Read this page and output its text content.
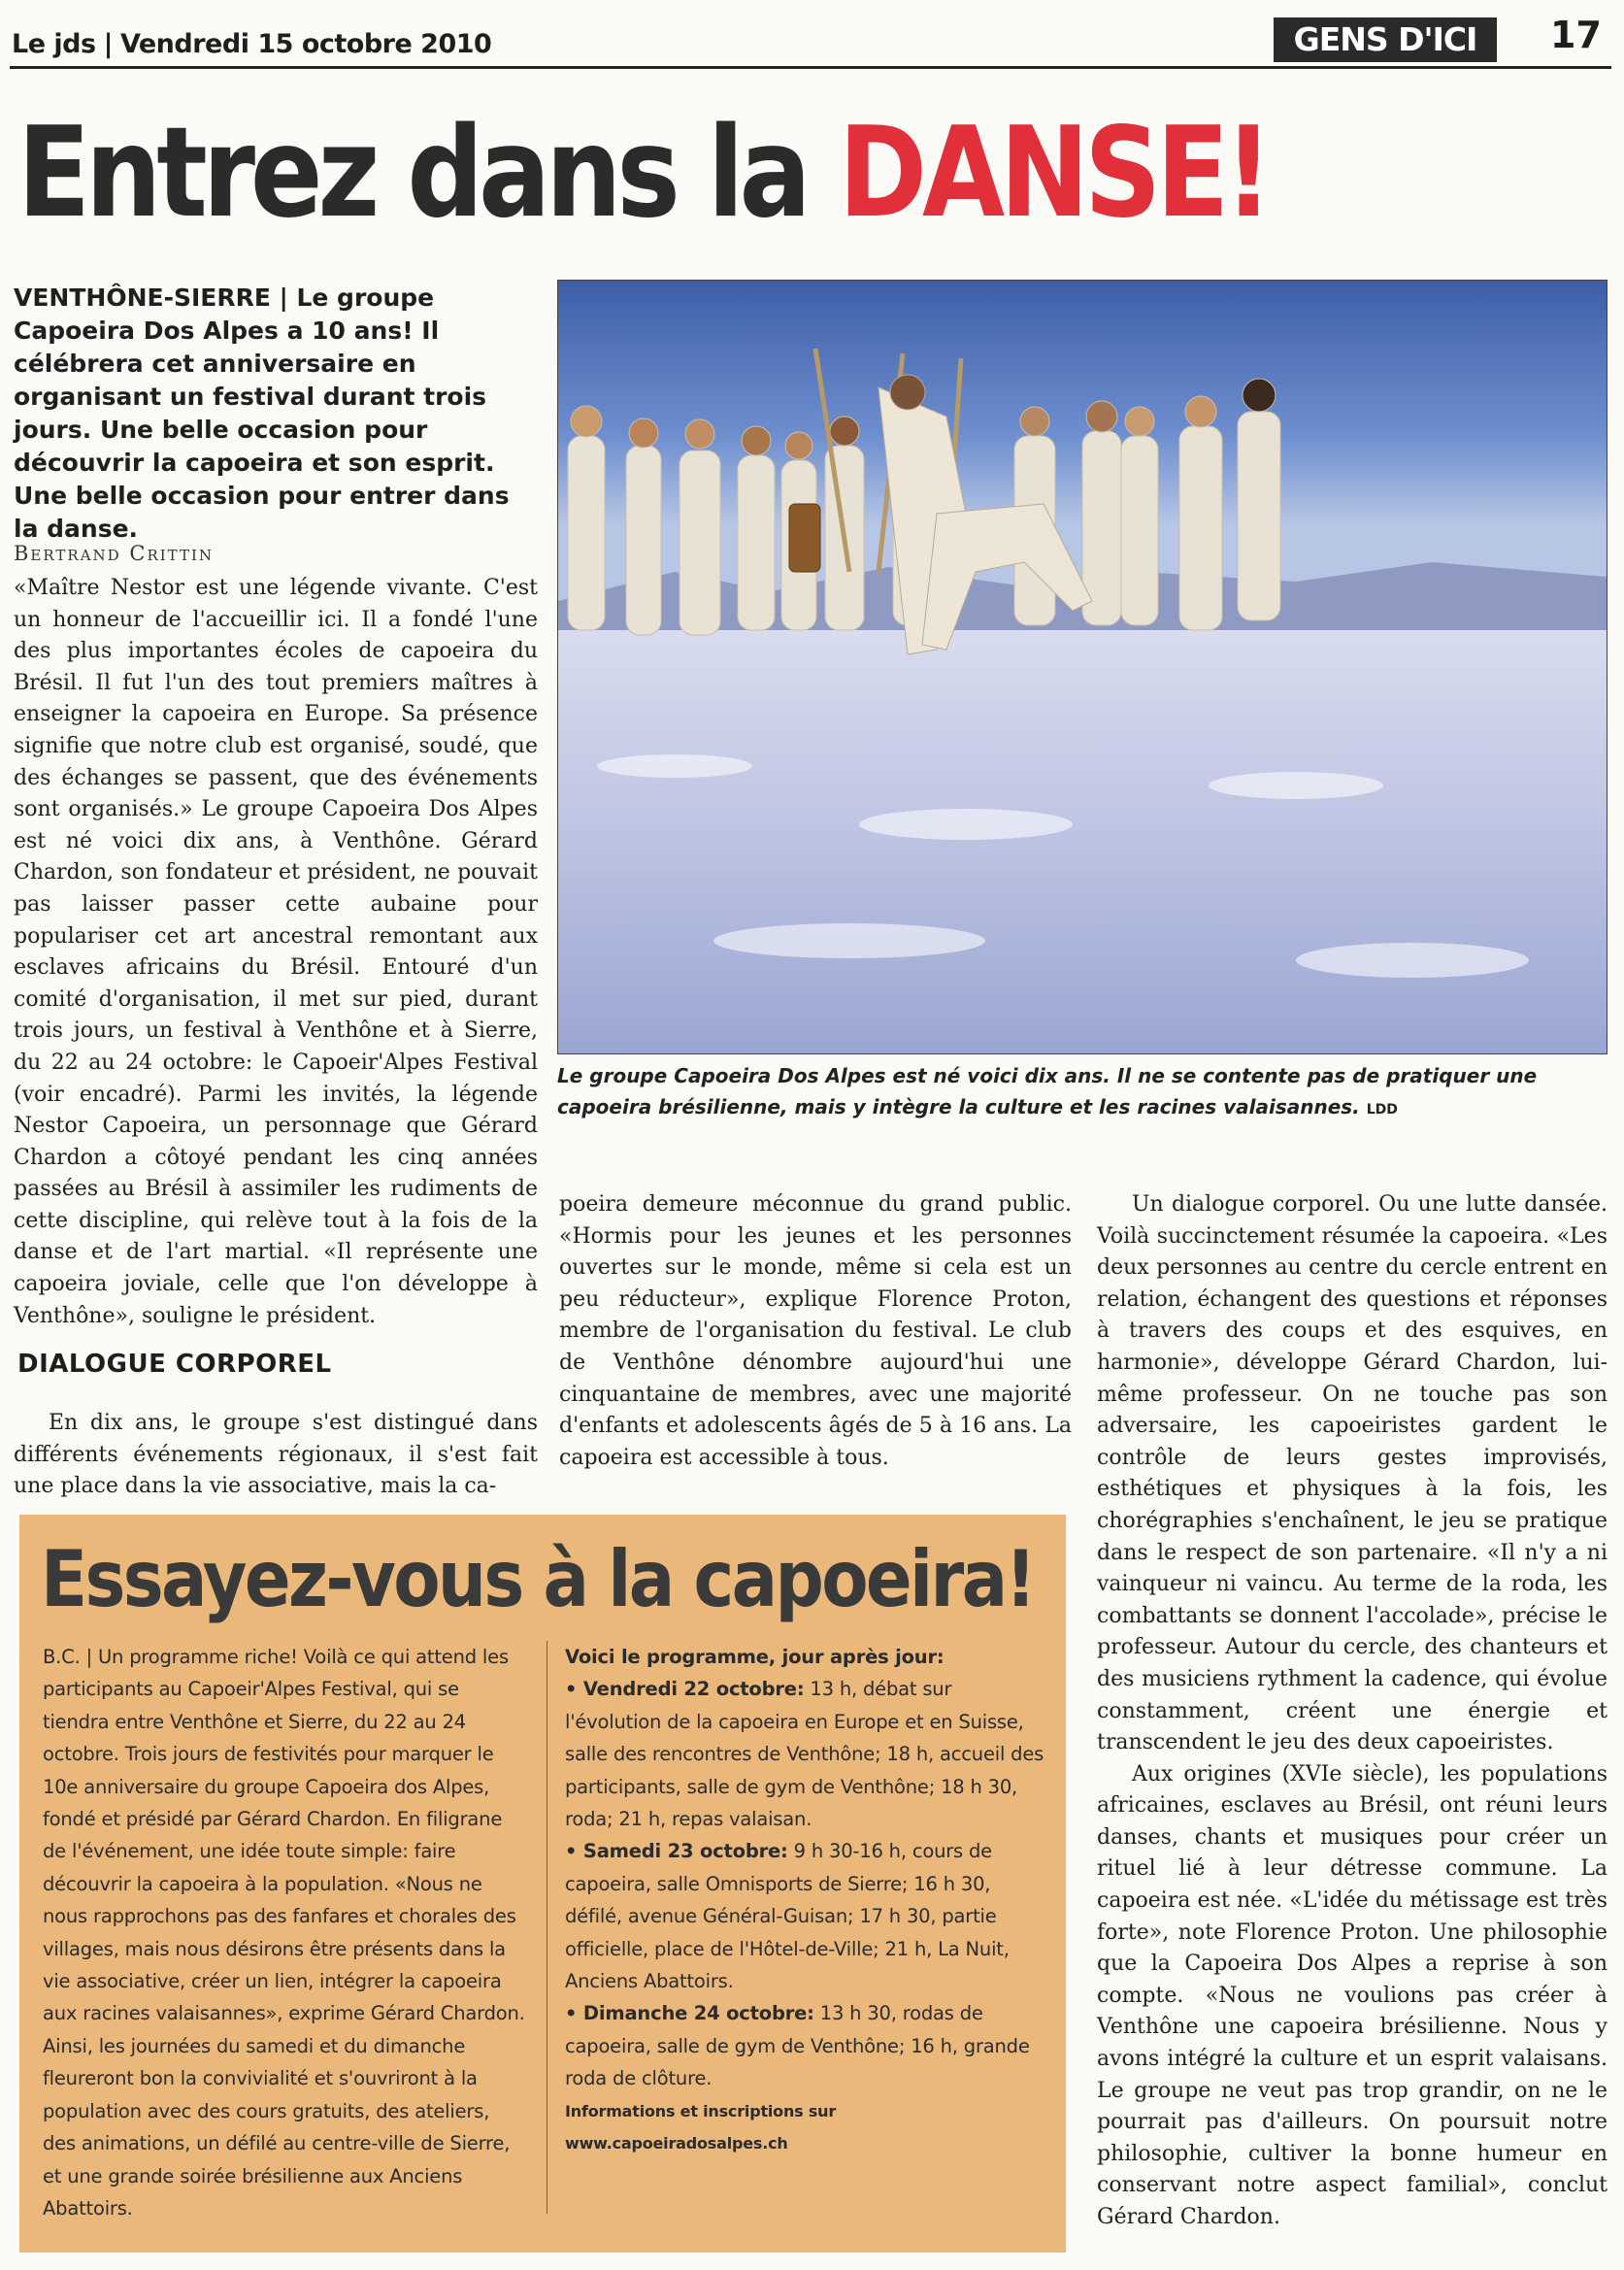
Le jds | Vendredi 15 octobre 2010	GENS D'ICI	17
Entrez dans la DANSE!
VENTHÔNE-SIERRE | Le groupe Capoeira Dos Alpes a 10 ans! Il célébrera cet anniversaire en organisant un festival durant trois jours. Une belle occasion pour découvrir la capoeira et son esprit. Une belle occasion pour entrer dans la danse.
Bertrand Crittin

«Maître Nestor est une légende vivante. C'est un honneur de l'accueillir ici. Il a fondé l'une des plus importantes écoles de capoeira du Brésil. Il fut l'un des tout premiers maîtres à enseigner la capoeira en Europe. Sa présence signifie que notre club est organisé, soudé, que des échanges se passent, que des événements sont organisés.» Le groupe Capoeira Dos Alpes est né voici dix ans, à Venthône. Gérard Chardon, son fondateur et président, ne pouvait pas laisser passer cette aubaine pour populariser cet art ancestral remontant aux esclaves africains du Brésil. Entouré d'un comité d'organisation, il met sur pied, durant trois jours, un festival à Venthône et à Sierre, du 22 au 24 octobre: le Capoeir'Alpes Festival (voir encadré). Parmi les invités, la légende Nestor Capoeira, un personnage que Gérard Chardon a côtoyé pendant les cinq années passées au Brésil à assimiler les rudiments de cette discipline, qui relève tout à la fois de la danse et de l'art martial. «Il représente une capoeira joviale, celle que l'on développe à Venthône», souligne le président.

DIALOGUE CORPOREL

En dix ans, le groupe s'est distingué dans différents événements régionaux, il s'est fait une place dans la vie associative, mais la ca-

Le groupe Capoeira Dos Alpes est né voici dix ans. Il ne se contente pas de pratiquer une capoeira brésilienne, mais y intègre la culture et les racines valaisannes. LDD

poeira demeure méconnue du grand public. «Hormis pour les jeunes et les personnes ouvertes sur le monde, même si cela est un peu réducteur», explique Florence Proton, membre de l'organisation du festival. Le club de Venthône dénombre aujourd'hui une cinquantaine de membres, avec une majorité d'enfants et adolescents âgés de 5 à 16 ans. La capoeira est accessible à tous.

Un dialogue corporel. Ou une lutte dansée. Voilà succinctement résumée la capoeira. «Les deux personnes au centre du cercle entrent en relation, échangent des questions et réponses à travers des coups et des esquives, en harmonie», développe Gérard Chardon, lui-même professeur. On ne touche pas son adversaire, les capoeiristes gardent le contrôle de leurs gestes improvisés, esthétiques et physiques à la fois, les chorégraphies s'enchaînent, le jeu se pratique dans le respect de son partenaire. «Il n'y a ni vainqueur ni vaincu. Au terme de la roda, les combattants se donnent l'accolade», précise le professeur. Autour du cercle, des chanteurs et des musiciens rythment la cadence, qui évolue constamment, créent une énergie et transcendent le jeu des deux capoeiristes.

Aux origines (XVIe siècle), les populations africaines, esclaves au Brésil, ont réuni leurs danses, chants et musiques pour créer un rituel lié à leur détresse commune. La capoeira est née. «L'idée du métissage est très forte», note Florence Proton. Une philosophie que la Capoeira Dos Alpes a reprise à son compte. «Nous ne voulions pas créer à Venthône une capoeira brésilienne. Nous y avons intégré la culture et un esprit valaisans. Le groupe ne veut pas trop grandir, on ne le pourrait pas d'ailleurs. On poursuit notre philosophie, cultiver la bonne humeur en conservant notre aspect familial», conclut Gérard Chardon.

Essayez-vous à la capoeira!

B.C. | Un programme riche! Voilà ce qui attend les participants au Capoeir'Alpes Festival, qui se tiendra entre Venthône et Sierre, du 22 au 24 octobre. Trois jours de festivités pour marquer le 10e anniversaire du groupe Capoeira dos Alpes, fondé et présidé par Gérard Chardon. En filigrane de l'événement, une idée toute simple: faire découvrir la capoeira à la population. «Nous ne nous rapprochons pas des fanfares et chorales des villages, mais nous désirons être présents dans la vie associative, créer un lien, intégrer la capoeira aux racines valaisannes», exprime Gérard Chardon.

Ainsi, les journées du samedi et du dimanche fleureront bon la convivialité et s'ouvriront à la population avec des cours gratuits, des ateliers, des animations, un défilé au centre-ville de Sierre, et une grande soirée brésilienne aux Anciens Abattoirs.

Voici le programme, jour après jour:

• Vendredi 22 octobre: 13 h, débat sur l'évolution de la capoeira en Europe et en Suisse, salle des rencontres de Venthône; 18 h, accueil des participants, salle de gym de Venthône; 18 h 30, roda; 21 h, repas valaisan.

• Samedi 23 octobre: 9 h 30-16 h, cours de capoeira, salle Omnisports de Sierre; 16 h 30, défilé, avenue Général-Guisan; 17 h 30, partie officielle, place de l'Hôtel-de-Ville; 21 h, La Nuit, Anciens Abattoirs.

• Dimanche 24 octobre: 13 h 30, rodas de capoeira, salle de gym de Venthône; 16 h, grande roda de clôture.

Informations et inscriptions sur www.capoeiradosalpes.ch
